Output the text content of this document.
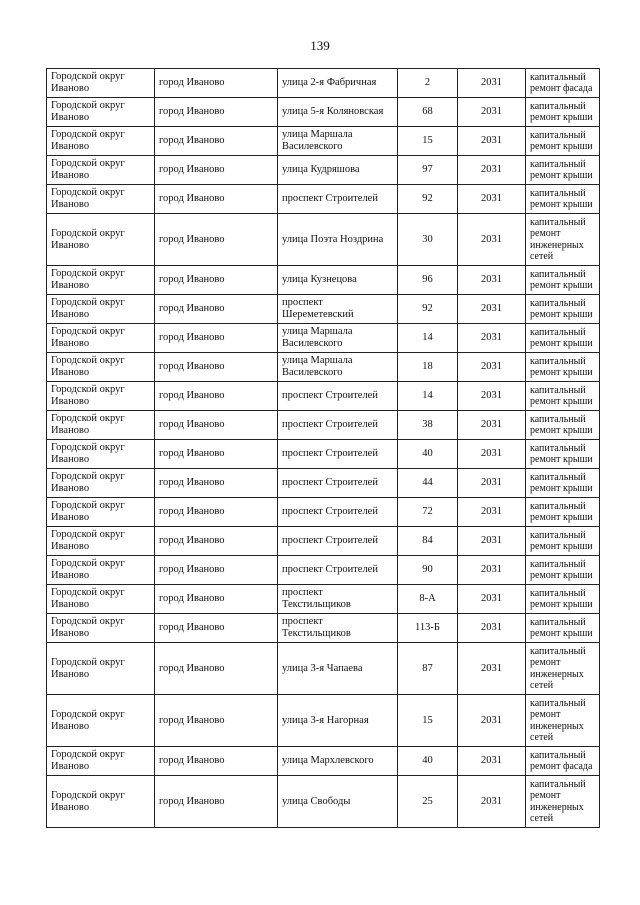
139
Городской округ Иваново	город Иваново	улица 2-я Фабричная	2	2031	капитальный ремонт фасада
Городской округ Иваново	город Иваново	улица 5-я Коляновская	68	2031	капитальный ремонт крыши
Городской округ Иваново	город Иваново	улица Маршала Василевского	15	2031	капитальный ремонт крыши
Городской округ Иваново	город Иваново	улица Кудряшова	97	2031	капитальный ремонт крыши
Городской округ Иваново	город Иваново	проспект Строителей	92	2031	капитальный ремонт крыши
Городской округ Иваново	город Иваново	улица Поэта Ноздрина	30	2031	капитальный ремонт инженерных сетей
Городской округ Иваново	город Иваново	улица Кузнецова	96	2031	капитальный ремонт крыши
Городской округ Иваново	город Иваново	проспект Шереметевский	92	2031	капитальный ремонт крыши
Городской округ Иваново	город Иваново	улица Маршала Василевского	14	2031	капитальный ремонт крыши
Городской округ Иваново	город Иваново	улица Маршала Василевского	18	2031	капитальный ремонт крыши
Городской округ Иваново	город Иваново	проспект Строителей	14	2031	капитальный ремонт крыши
Городской округ Иваново	город Иваново	проспект Строителей	38	2031	капитальный ремонт крыши
Городской округ Иваново	город Иваново	проспект Строителей	40	2031	капитальный ремонт крыши
Городской округ Иваново	город Иваново	проспект Строителей	44	2031	капитальный ремонт крыши
Городской округ Иваново	город Иваново	проспект Строителей	72	2031	капитальный ремонт крыши
Городской округ Иваново	город Иваново	проспект Строителей	84	2031	капитальный ремонт крыши
Городской округ Иваново	город Иваново	проспект Строителей	90	2031	капитальный ремонт крыши
Городской округ Иваново	город Иваново	проспект Текстильщиков	8-А	2031	капитальный ремонт крыши
Городской округ Иваново	город Иваново	проспект Текстильщиков	113-Б	2031	капитальный ремонт крыши
Городской округ Иваново	город Иваново	улица 3-я Чапаева	87	2031	капитальный ремонт инженерных сетей
Городской округ Иваново	город Иваново	улица 3-я Нагорная	15	2031	капитальный ремонт инженерных сетей
Городской округ Иваново	город Иваново	улица Мархлевского	40	2031	капитальный ремонт фасада
Городской округ Иваново	город Иваново	улица Свободы	25	2031	капитальный ремонт инженерных сетей
